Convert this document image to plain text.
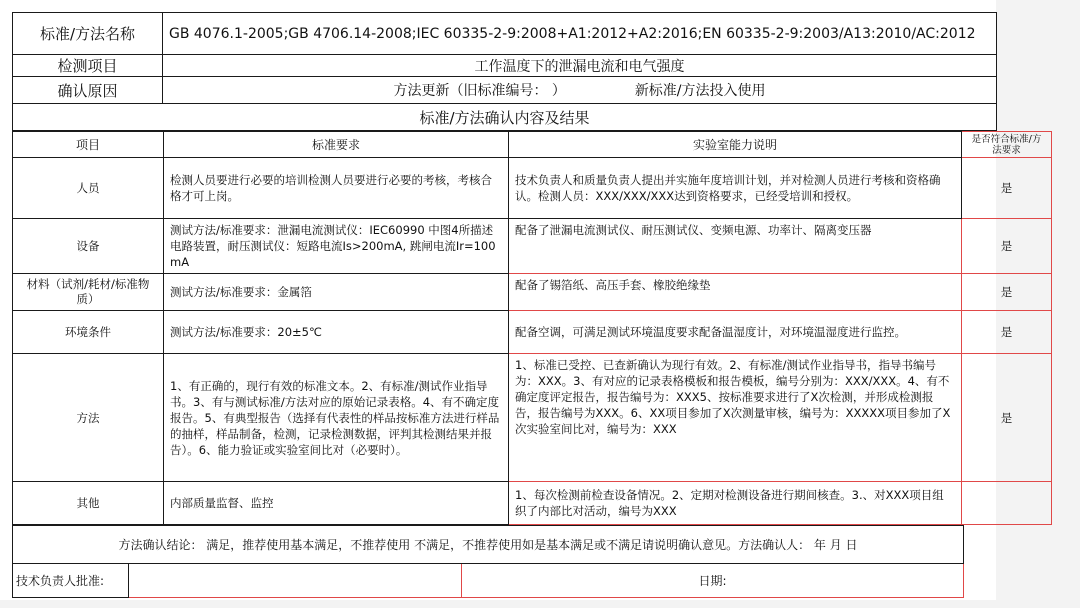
标准/方法名称	GB 4076.1-2005;GB 4706.14-2008;IEC 60335-2-9:2008+A1:2012+A2:2016;EN 60335-2-9:2003/A13:2010/AC:2012
检测项目	工作温度下的泄漏电流和电气强度
确认原因	方法更新（旧标准编号： ） 新标准/方法投入使用
标准/方法确认内容及结果	
项目	标准要求	实验室能力说明	是否符合标准/方法要求
人员	检测人员要进行必要的培训检测人员要进行必要的考核，考核合格才可上岗。	技术负责人和质量负责人提出并实施年度培训计划，并对检测人员进行考核和资格确认。检测人员：XXX/XXX/XXX达到资格要求，已经受培训和授权。	是
设备	测试方法/标准要求：泄漏电流测试仪：IEC60990 中图4所描述电路装置，耐压测试仪：短路电流Is>200mA, 跳闸电流Ir=100 mA	配备了泄漏电流测试仪、耐压测试仪、变频电源、功率计、隔离变压器	是
材料（试剂/耗材/标准物质）	测试方法/标准要求：金属箔	配备了锡箔纸、高压手套、橡胶绝缘垫	是
环境条件	测试方法/标准要求：20±5℃	配备空调，可满足测试环境温度要求配备温湿度计，对环境温湿度进行监控。	是
方法	1、有正确的，现行有效的标准文本。2、有标准/测试作业指导书。3、有与测试标准/方法对应的原始记录表格。4、有不确定度报告。5、有典型报告（选择有代表性的样品按标准方法进行样品的抽样，样品制备，检测，记录检测数据，评判其检测结果并报告）。6、能力验证或实验室间比对（必要时）。	1、标准已受控、已查新确认为现行有效。2、有标准/测试作业指导书，指导书编号为：XXX。3、有对应的记录表格模板和报告模板，编号分别为：XXX/XXX。4、有不确定度评定报告，报告编号为：XXX5、按标准要求进行了X次检测，并形成检测报告，报告编号为XXX。6、XX项目参加了X次测量审核，编号为：XXXXX项目参加了X次实验室间比对，编号为：XXX	是
其他	内部质量监督、监控	1、每次检测前检查设备情况。2、定期对检测设备进行期间核查。3.、对XXX项目组织了内部比对活动，编号为XXX	
方法确认结论： 满足，推荐使用基本满足，不推荐使用 不满足，不推荐使用如是基本满足或不满足请说明确认意见。方法确认人： 年 月 日
技术负责人批准:		日期:
